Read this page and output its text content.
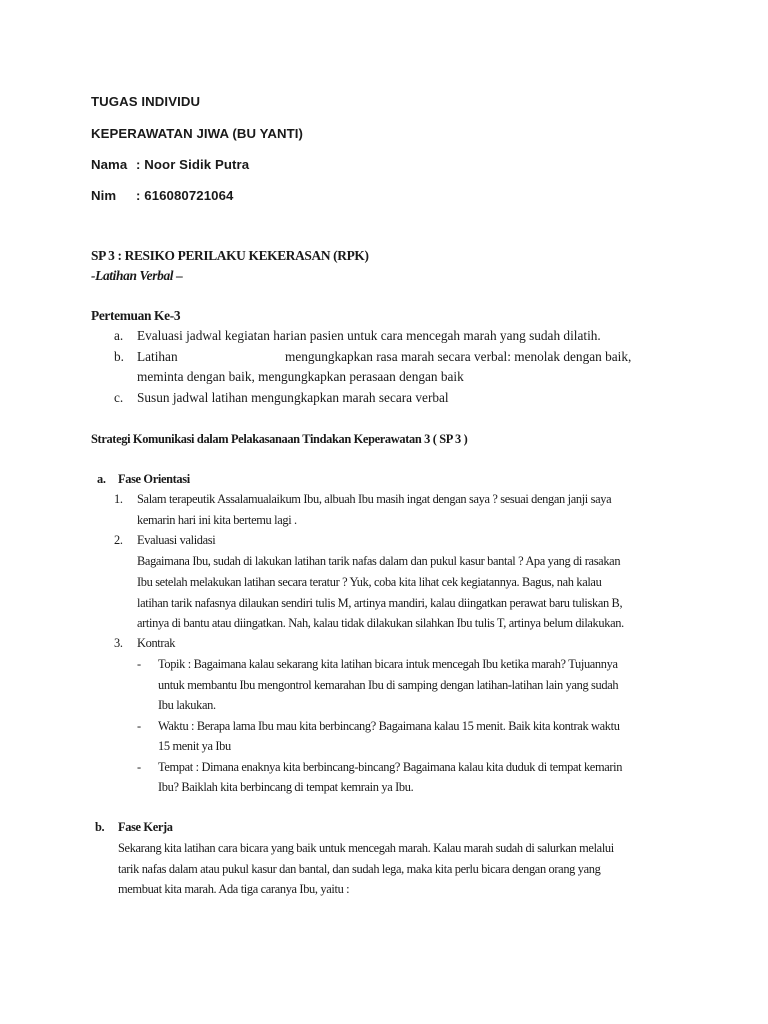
TUGAS INDIVIDU
KEPERAWATAN JIWA (BU YANTI)
Nama : Noor Sidik Putra
Nim : 616080721064
SP 3 : RESIKO PERILAKU KEKERASAN (RPK)
-Latihan Verbal –
Pertemuan Ke-3
a. Evaluasi jadwal kegiatan harian pasien untuk cara mencegah marah yang sudah dilatih.
b. Latihan	mengungkapkan rasa marah secara verbal: menolak dengan baik,
meminta dengan baik, mengungkapkan perasaan dengan baik
c. Susun jadwal latihan mengungkapkan marah secara verbal
Strategi Komunikasi dalam Pelakasanaan Tindakan Keperawatan 3 ( SP 3 )
a. Fase Orientasi
1. Salam terapeutik Assalamualaikum Ibu, albuah Ibu masih ingat dengan saya ? sesuai dengan janji saya
kemarin hari ini kita bertemu lagi .
2. Evaluasi validasi
Bagaimana Ibu, sudah di lakukan latihan tarik nafas dalam dan pukul kasur bantal ? Apa yang di rasakan
Ibu setelah melakukan latihan secara teratur ? Yuk, coba kita lihat cek kegiatannya. Bagus, nah kalau
latihan tarik nafasnya dilaukan sendiri tulis M, artinya mandiri, kalau diingatkan perawat baru tuliskan B,
artinya di bantu atau diingatkan. Nah, kalau tidak dilakukan silahkan Ibu tulis T, artinya belum dilakukan.
3. Kontrak
- Topik : Bagaimana kalau sekarang kita latihan bicara intuk mencegah Ibu ketika marah? Tujuannya
untuk membantu Ibu mengontrol kemarahan Ibu di samping dengan latihan-latihan lain yang sudah
Ibu lakukan.
- Waktu : Berapa lama Ibu mau kita berbincang? Bagaimana kalau 15 menit. Baik kita kontrak waktu
15 menit ya Ibu
- Tempat : Dimana enaknya kita berbincang-bincang? Bagaimana kalau kita duduk di tempat kemarin
Ibu? Baiklah kita berbincang di tempat kemrain ya Ibu.
b. Fase Kerja
Sekarang kita latihan cara bicara yang baik untuk mencegah marah. Kalau marah sudah di salurkan melalui
tarik nafas dalam atau pukul kasur dan bantal, dan sudah lega, maka kita perlu bicara dengan orang yang
membuat kita marah. Ada tiga caranya Ibu, yaitu :
